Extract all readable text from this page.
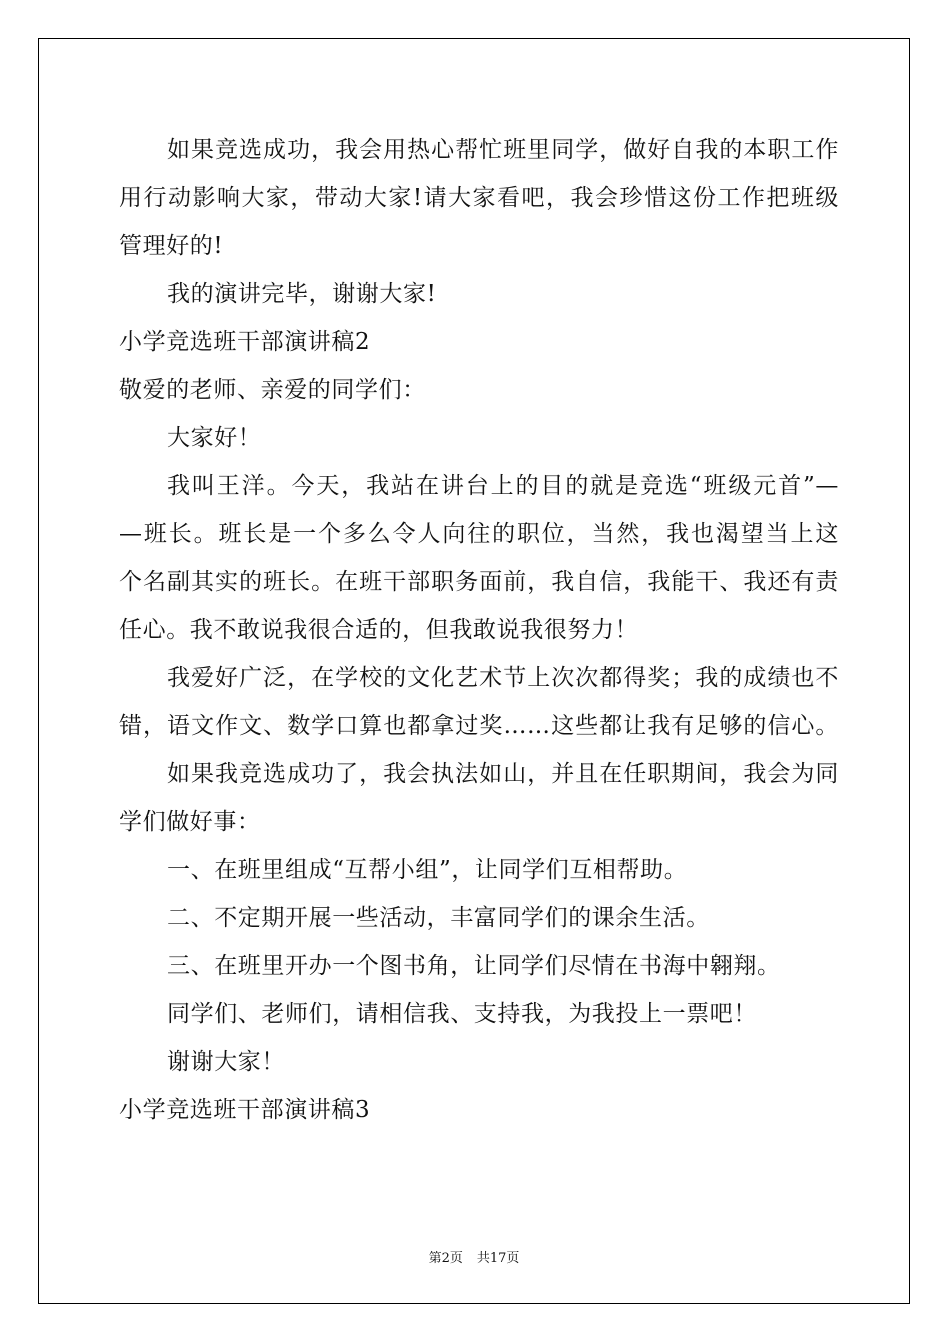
如果竞选成功，我会用热心帮忙班里同学，做好自我的本职工作
用行动影响大家，带动大家!请大家看吧，我会珍惜这份工作把班级
管理好的!
我的演讲完毕，谢谢大家!
小学竞选班干部演讲稿2
敬爱的老师、亲爱的同学们：
大家好！
我叫王洋。今天，我站在讲台上的目的就是竞选“班级元首”—
—班长。班长是一个多么令人向往的职位，当然，我也渴望当上这
个名副其实的班长。在班干部职务面前，我自信，我能干、我还有责
任心。我不敢说我很合适的，但我敢说我很努力！
我爱好广泛，在学校的文化艺术节上次次都得奖；我的成绩也不
错，语文作文、数学口算也都拿过奖……这些都让我有足够的信心。
如果我竞选成功了，我会执法如山，并且在任职期间，我会为同
学们做好事：
一、在班里组成“互帮小组”，让同学们互相帮助。
二、不定期开展一些活动，丰富同学们的课余生活。
三、在班里开办一个图书角，让同学们尽情在书海中翱翔。
同学们、老师们，请相信我、支持我，为我投上一票吧！
谢谢大家！
小学竞选班干部演讲稿3
第2页 共17页
